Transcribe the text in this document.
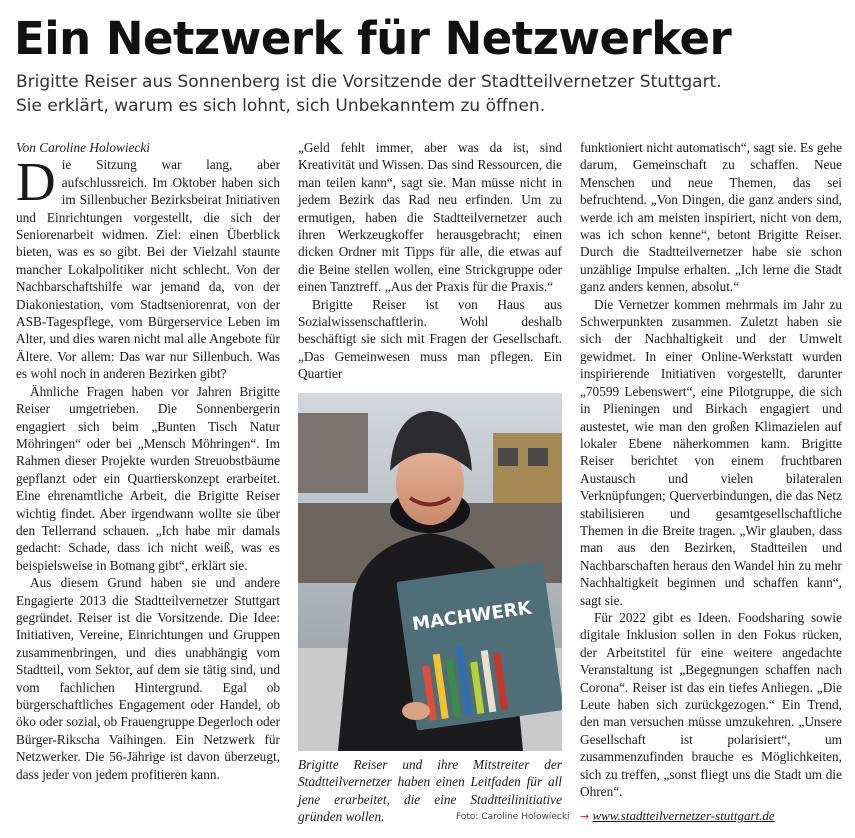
Ein Netzwerk für Netzwerker
Brigitte Reiser aus Sonnenberg ist die Vorsitzende der Stadtteilvernetzer Stuttgart.
Sie erklärt, warum es sich lohnt, sich Unbekanntem zu öffnen.

Von Caroline Holowiecki

Die Sitzung war lang, aber aufschlussreich. Im Oktober haben sich im Sillenbucher Bezirksbeirat Initiativen und Einrichtungen vorgestellt, die sich der Seniorenarbeit widmen. Ziel: einen Überblick bieten, was es so gibt. Bei der Vielzahl staunte mancher Lokalpolitiker nicht schlecht. Von der Nachbarschaftshilfe war jemand da, von der Diakoniestation, vom Stadtseniorenrat, von der ASB-Tagespflege, vom Bürgerservice Leben im Alter, und dies waren nicht mal alle Angebote für Ältere. Vor allem: Das war nur Sillenbuch. Was es wohl noch in anderen Bezirken gibt?

Ähnliche Fragen haben vor Jahren Brigitte Reiser umgetrieben. Die Sonnenbergerin engagiert sich beim „Bunten Tisch Natur Möhringen“ oder bei „Mensch Möhringen“. Im Rahmen dieser Projekte wurden Streuobstbäume gepflanzt oder ein Quartierskonzept erarbeitet. Eine ehrenamtliche Arbeit, die Brigitte Reiser wichtig findet. Aber irgendwann wollte sie über den Tellerrand schauen. „Ich habe mir damals gedacht: Schade, dass ich nicht weiß, was es beispielsweise in Botnang gibt“, erklärt sie.

Aus diesem Grund haben sie und andere Engagierte 2013 die Stadtteilvernetzer Stuttgart gegründet. Reiser ist die Vorsitzende. Die Idee: Initiativen, Vereine, Einrichtungen und Gruppen zusammenbringen, und dies unabhängig vom Stadtteil, vom Sektor, auf dem sie tätig sind, und vom fachlichen Hintergrund. Egal ob bürgerschaftliches Engagement oder Handel, ob öko oder sozial, ob Frauengruppe Degerloch oder Bürger-Rikscha Vaihingen. Ein Netzwerk für Netzwerker. Die 56-Jährige ist davon überzeugt, dass jeder von jedem profitieren kann.

„Geld fehlt immer, aber was da ist, sind Kreativität und Wissen. Das sind Ressourcen, die man teilen kann“, sagt sie. Man müsse nicht in jedem Bezirk das Rad neu erfinden. Um zu ermutigen, haben die Stadtteilvernetzer auch ihren Werkzeugkoffer herausgebracht; einen dicken Ordner mit Tipps für alle, die etwas auf die Beine stellen wollen, eine Strickgruppe oder einen Tanztreff. „Aus der Praxis für die Praxis.“

Brigitte Reiser ist von Haus aus Sozialwissenschaftlerin. Wohl deshalb beschäftigt sie sich mit Fragen der Gesellschaft. „Das Gemeinwesen muss man pflegen. Ein Quartier

MACHWERK
Brigitte Reiser und ihre Mitstreiter der Stadtteilvernetzer haben einen Leitfaden für all jene erarbeitet, die eine Stadtteilinitiative gründen wollen.	Foto: Caroline Holowiecki

funktioniert nicht automatisch“, sagt sie. Es gehe darum, Gemeinschaft zu schaffen. Neue Menschen und neue Themen, das sei befruchtend. „Von Dingen, die ganz anders sind, werde ich am meisten inspiriert, nicht von dem, was ich schon kenne“, betont Brigitte Reiser. Durch die Stadtteilvernetzer habe sie schon unzählige Impulse erhalten. „Ich lerne die Stadt ganz anders kennen, absolut.“

Die Vernetzer kommen mehrmals im Jahr zu Schwerpunkten zusammen. Zuletzt haben sie sich der Nachhaltigkeit und der Umwelt gewidmet. In einer Online-Werkstatt wurden inspirierende Initiativen vorgestellt, darunter „70599 Lebenswert“, eine Pilotgruppe, die sich in Plieningen und Birkach engagiert und austestet, wie man den großen Klimazielen auf lokaler Ebene näherkommen kann. Brigitte Reiser berichtet von einem fruchtbaren Austausch und vielen bilateralen Verknüpfungen; Querverbindungen, die das Netz stabilisieren und gesamtgesellschaftliche Themen in die Breite tragen. „Wir glauben, dass man aus den Bezirken, Stadtteilen und Nachbarschaften heraus den Wandel hin zu mehr Nachhaltigkeit beginnen und schaffen kann“, sagt sie.

Für 2022 gibt es Ideen. Foodsharing sowie digitale Inklusion sollen in den Fokus rücken, der Arbeitstitel für eine weitere angedachte Veranstaltung ist „Begegnungen schaffen nach Corona“. Reiser ist das ein tiefes Anliegen. „Die Leute haben sich zurückgezogen.“ Ein Trend, den man versuchen müsse umzukehren. „Unsere Gesellschaft ist polarisiert“, um zusammenzufinden brauche es Möglichkeiten, sich zu treffen, „sonst fliegt uns die Stadt um die Ohren“.

→ www.stadtteilvernetzer-stuttgart.de
